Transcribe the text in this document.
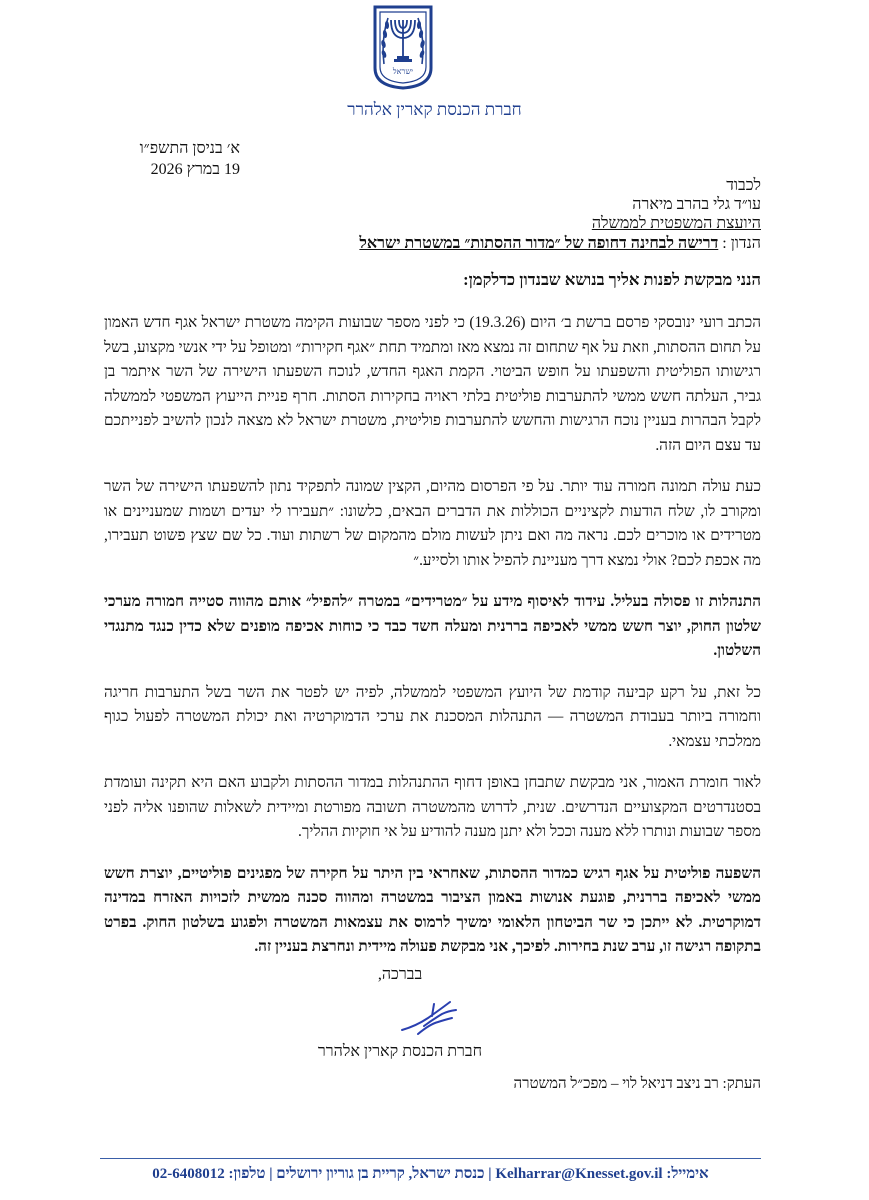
ישראל
חברת הכנסת קארין אלהרר
א׳ בניסן התשפ״ו
19 במרץ 2026
לכבוד
עו״ד גלי בהרב מיארה
היועצת המשפטית לממשלה
הנדון : דרישה לבחינה דחופה של ״מדור ההסתות״ במשטרת ישראל
הנני מבקשת לפנות אליך בנושא שבנדון כדלקמן:

הכתב רועי ינובסקי פרסם ברשת ב׳ היום (19.3.26) כי לפני מספר שבועות הקימה משטרת ישראל אגף חדש האמון על תחום ההסתות, וזאת על אף שתחום זה נמצא מאז ומתמיד תחת ״אגף חקירות״ ומטופל על ידי אנשי מקצוע, בשל רגישותו הפוליטית והשפעתו על חופש הביטוי. הקמת האגף החדש, לנוכח השפעתו הישירה של השר איתמר בן גביר, העלתה חשש ממשי להתערבות פוליטית בלתי ראויה בחקירות הסתות. חרף פניית הייעוץ המשפטי לממשלה לקבל הבהרות בעניין נוכח הרגישות והחשש להתערבות פוליטית, משטרת ישראל לא מצאה לנכון להשיב לפנייתכם עד עצם היום הזה.

כעת עולה תמונה חמורה עוד יותר. על פי הפרסום מהיום, הקצין שמונה לתפקיד נתון להשפעתו הישירה של השר ומקורב לו, שלח הודעות לקציניים הכוללות את הדברים הבאים, כלשונו: ״תעבירו לי יעדים ושמות שמעניינים או מטרידים או מוכרים לכם. נראה מה ואם ניתן לעשות מולם מהמקום של רשתות ועוד. כל שם שצץ פשוט תעבירו, מה אכפת לכם? אולי נמצא דרך מעניינת להפיל אותו ולסייע.״

התנהלות זו פסולה בעליל. עידוד לאיסוף מידע על ״מטרידים״ במטרה ״להפיל״ אותם מהווה סטייה חמורה מערכי שלטון החוק, יוצר חשש ממשי לאכיפה בררנית ומעלה חשד כבד כי כוחות אכיפה מופנים שלא כדין כנגד מתנגדי השלטון.

כל זאת, על רקע קביעה קודמת של היועץ המשפטי לממשלה, לפיה יש לפטר את השר בשל התערבות חריגה וחמורה ביותר בעבודת המשטרה — התנהלות המסכנת את ערכי הדמוקרטיה ואת יכולת המשטרה לפעול כגוף ממלכתי עצמאי.

לאור חומרת האמור, אני מבקשת שתבחן באופן דחוף ההתנהלות במדור ההסתות ולקבוע האם היא תקינה ועומדת בסטנדרטים המקצועיים הנדרשים. שנית, לדרוש מהמשטרה תשובה מפורטת ומיידית לשאלות שהופנו אליה לפני מספר שבועות ונותרו ללא מענה וככל ולא יתנן מענה להודיע על אי חוקיות ההליך.

השפעה פוליטית על אגף רגיש כמדור ההסתות, שאחראי בין היתר על חקירה של מפגינים פוליטיים, יוצרת חשש ממשי לאכיפה בררנית, פוגעת אנושות באמון הציבור במשטרה ומהווה סכנה ממשית לזכויות האזרח במדינה דמוקרטית. לא ייתכן כי שר הביטחון הלאומי ימשיך לרמוס את עצמאות המשטרה ולפגוע בשלטון החוק. בפרט בתקופה רגישה זו, ערב שנת בחירות. לפיכך, אני מבקשת פעולה מיידית ונחרצת בעניין זה.

בברכה,
חברת הכנסת קארין אלהרר
העתק: רב ניצב דניאל לוי – מפכ״ל המשטרה
אימייל: Kelharrar@Knesset.gov.il | כנסת ישראל, קריית בן גוריון ירושלים | טלפון: 02-6408012
